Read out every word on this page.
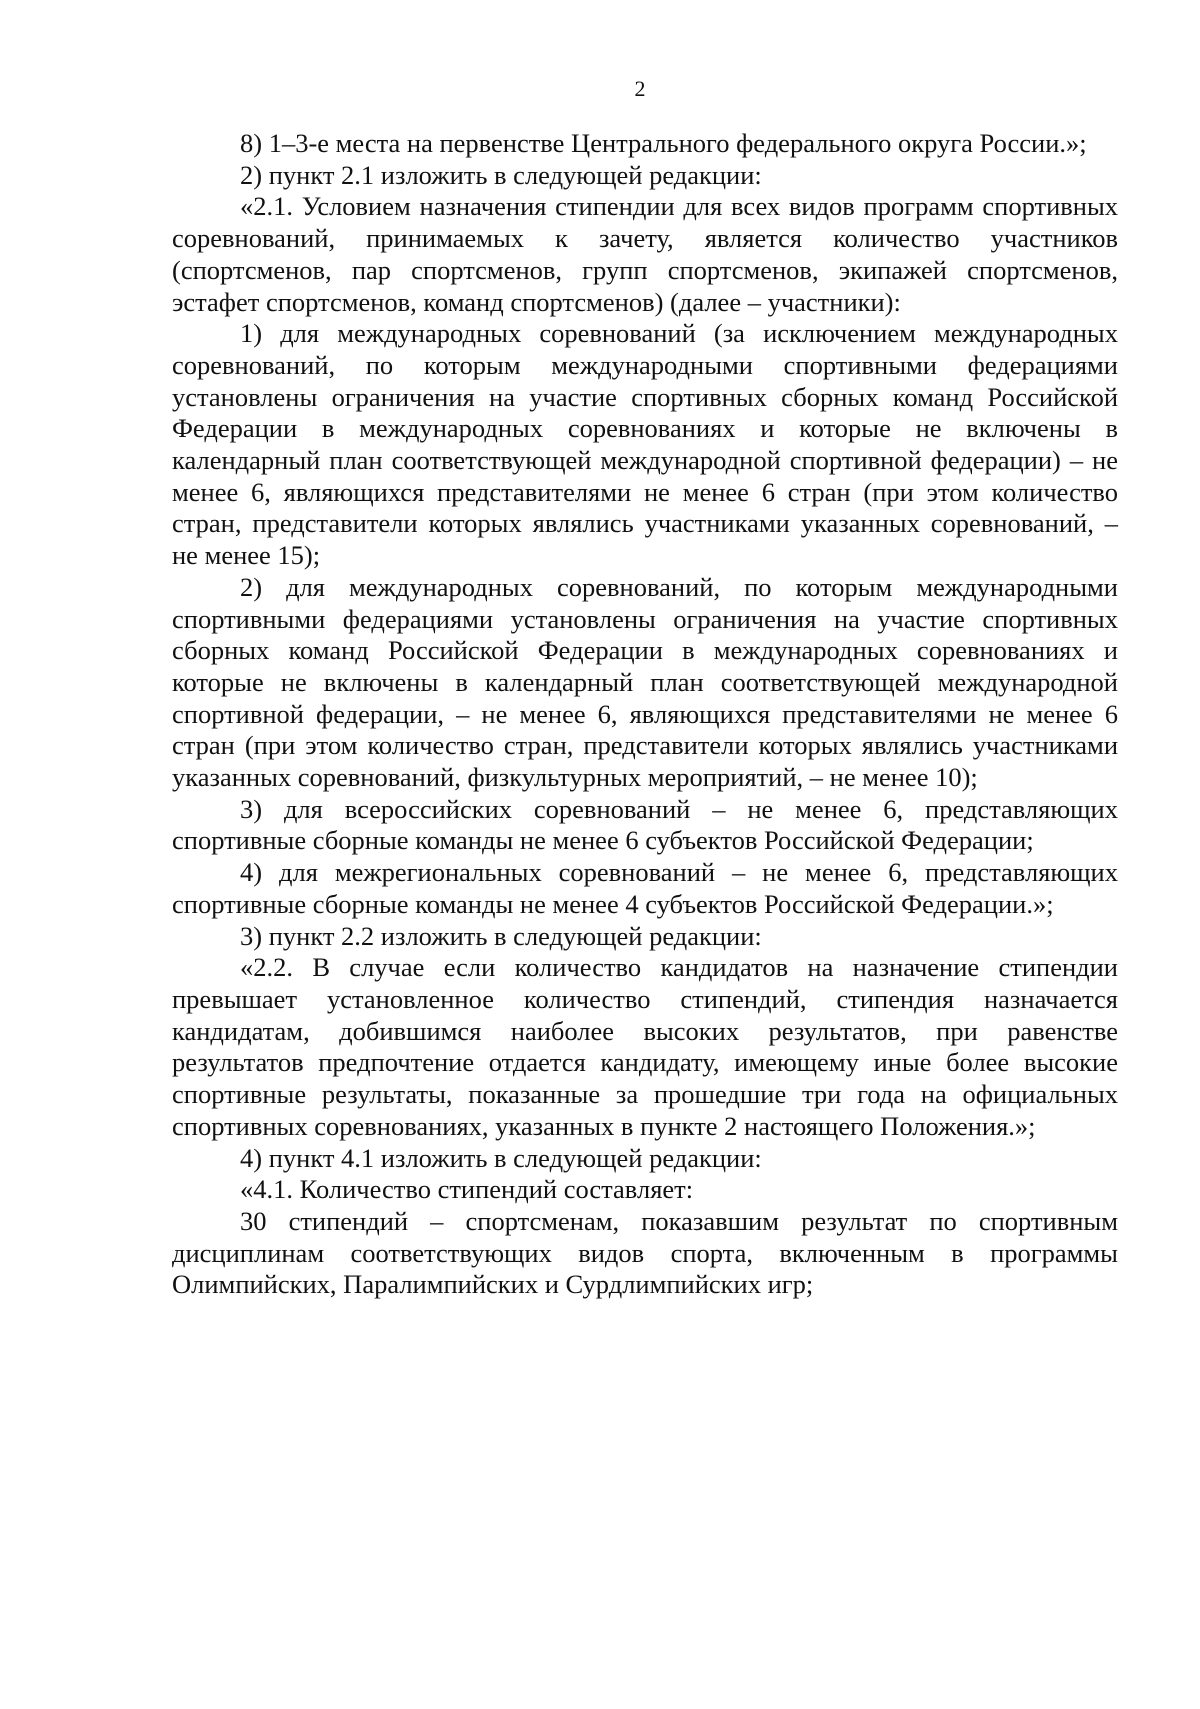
2

8) 1–3-е места на первенстве Центрального федерального округа России.»;

2) пункт 2.1 изложить в следующей редакции:

«2.1. Условием назначения стипендии для всех видов программ спортивных соревнований, принимаемых к зачету, является количество участников (спортсменов, пар спортсменов, групп спортсменов, экипажей спортсменов, эстафет спортсменов, команд спортсменов) (далее – участники):

1) для международных соревнований (за исключением международных соревнований, по которым международными спортивными федерациями установлены ограничения на участие спортивных сборных команд Российской Федерации в международных соревнованиях и которые не включены в календарный план соответствующей международной спортивной федерации) – не менее 6, являющихся представителями не менее 6 стран (при этом количество стран, представители которых являлись участниками указанных соревнований, – не менее 15);

2) для международных соревнований, по которым международными спортивными федерациями установлены ограничения на участие спортивных сборных команд Российской Федерации в международных соревнованиях и которые не включены в календарный план соответствующей международной спортивной федерации, – не менее 6, являющихся представителями не менее 6 стран (при этом количество стран, представители которых являлись участниками указанных соревнований, физкультурных мероприятий, – не менее 10);

3) для всероссийских соревнований – не менее 6, представляющих спортивные сборные команды не менее 6 субъектов Российской Федерации;

4) для межрегиональных соревнований – не менее 6, представляющих спортивные сборные команды не менее 4 субъектов Российской Федерации.»;

3) пункт 2.2 изложить в следующей редакции:

«2.2. В случае если количество кандидатов на назначение стипендии превышает установленное количество стипендий, стипендия назначается кандидатам, добившимся наиболее высоких результатов, при равенстве результатов предпочтение отдается кандидату, имеющему иные более высокие спортивные результаты, показанные за прошедшие три года на официальных спортивных соревнованиях, указанных в пункте 2 настоящего Положения.»;

4) пункт 4.1 изложить в следующей редакции:

«4.1. Количество стипендий составляет:

30 стипендий – спортсменам, показавшим результат по спортивным дисциплинам соответствующих видов спорта, включенным в программы Олимпийских, Паралимпийских и Сурдлимпийских игр;
